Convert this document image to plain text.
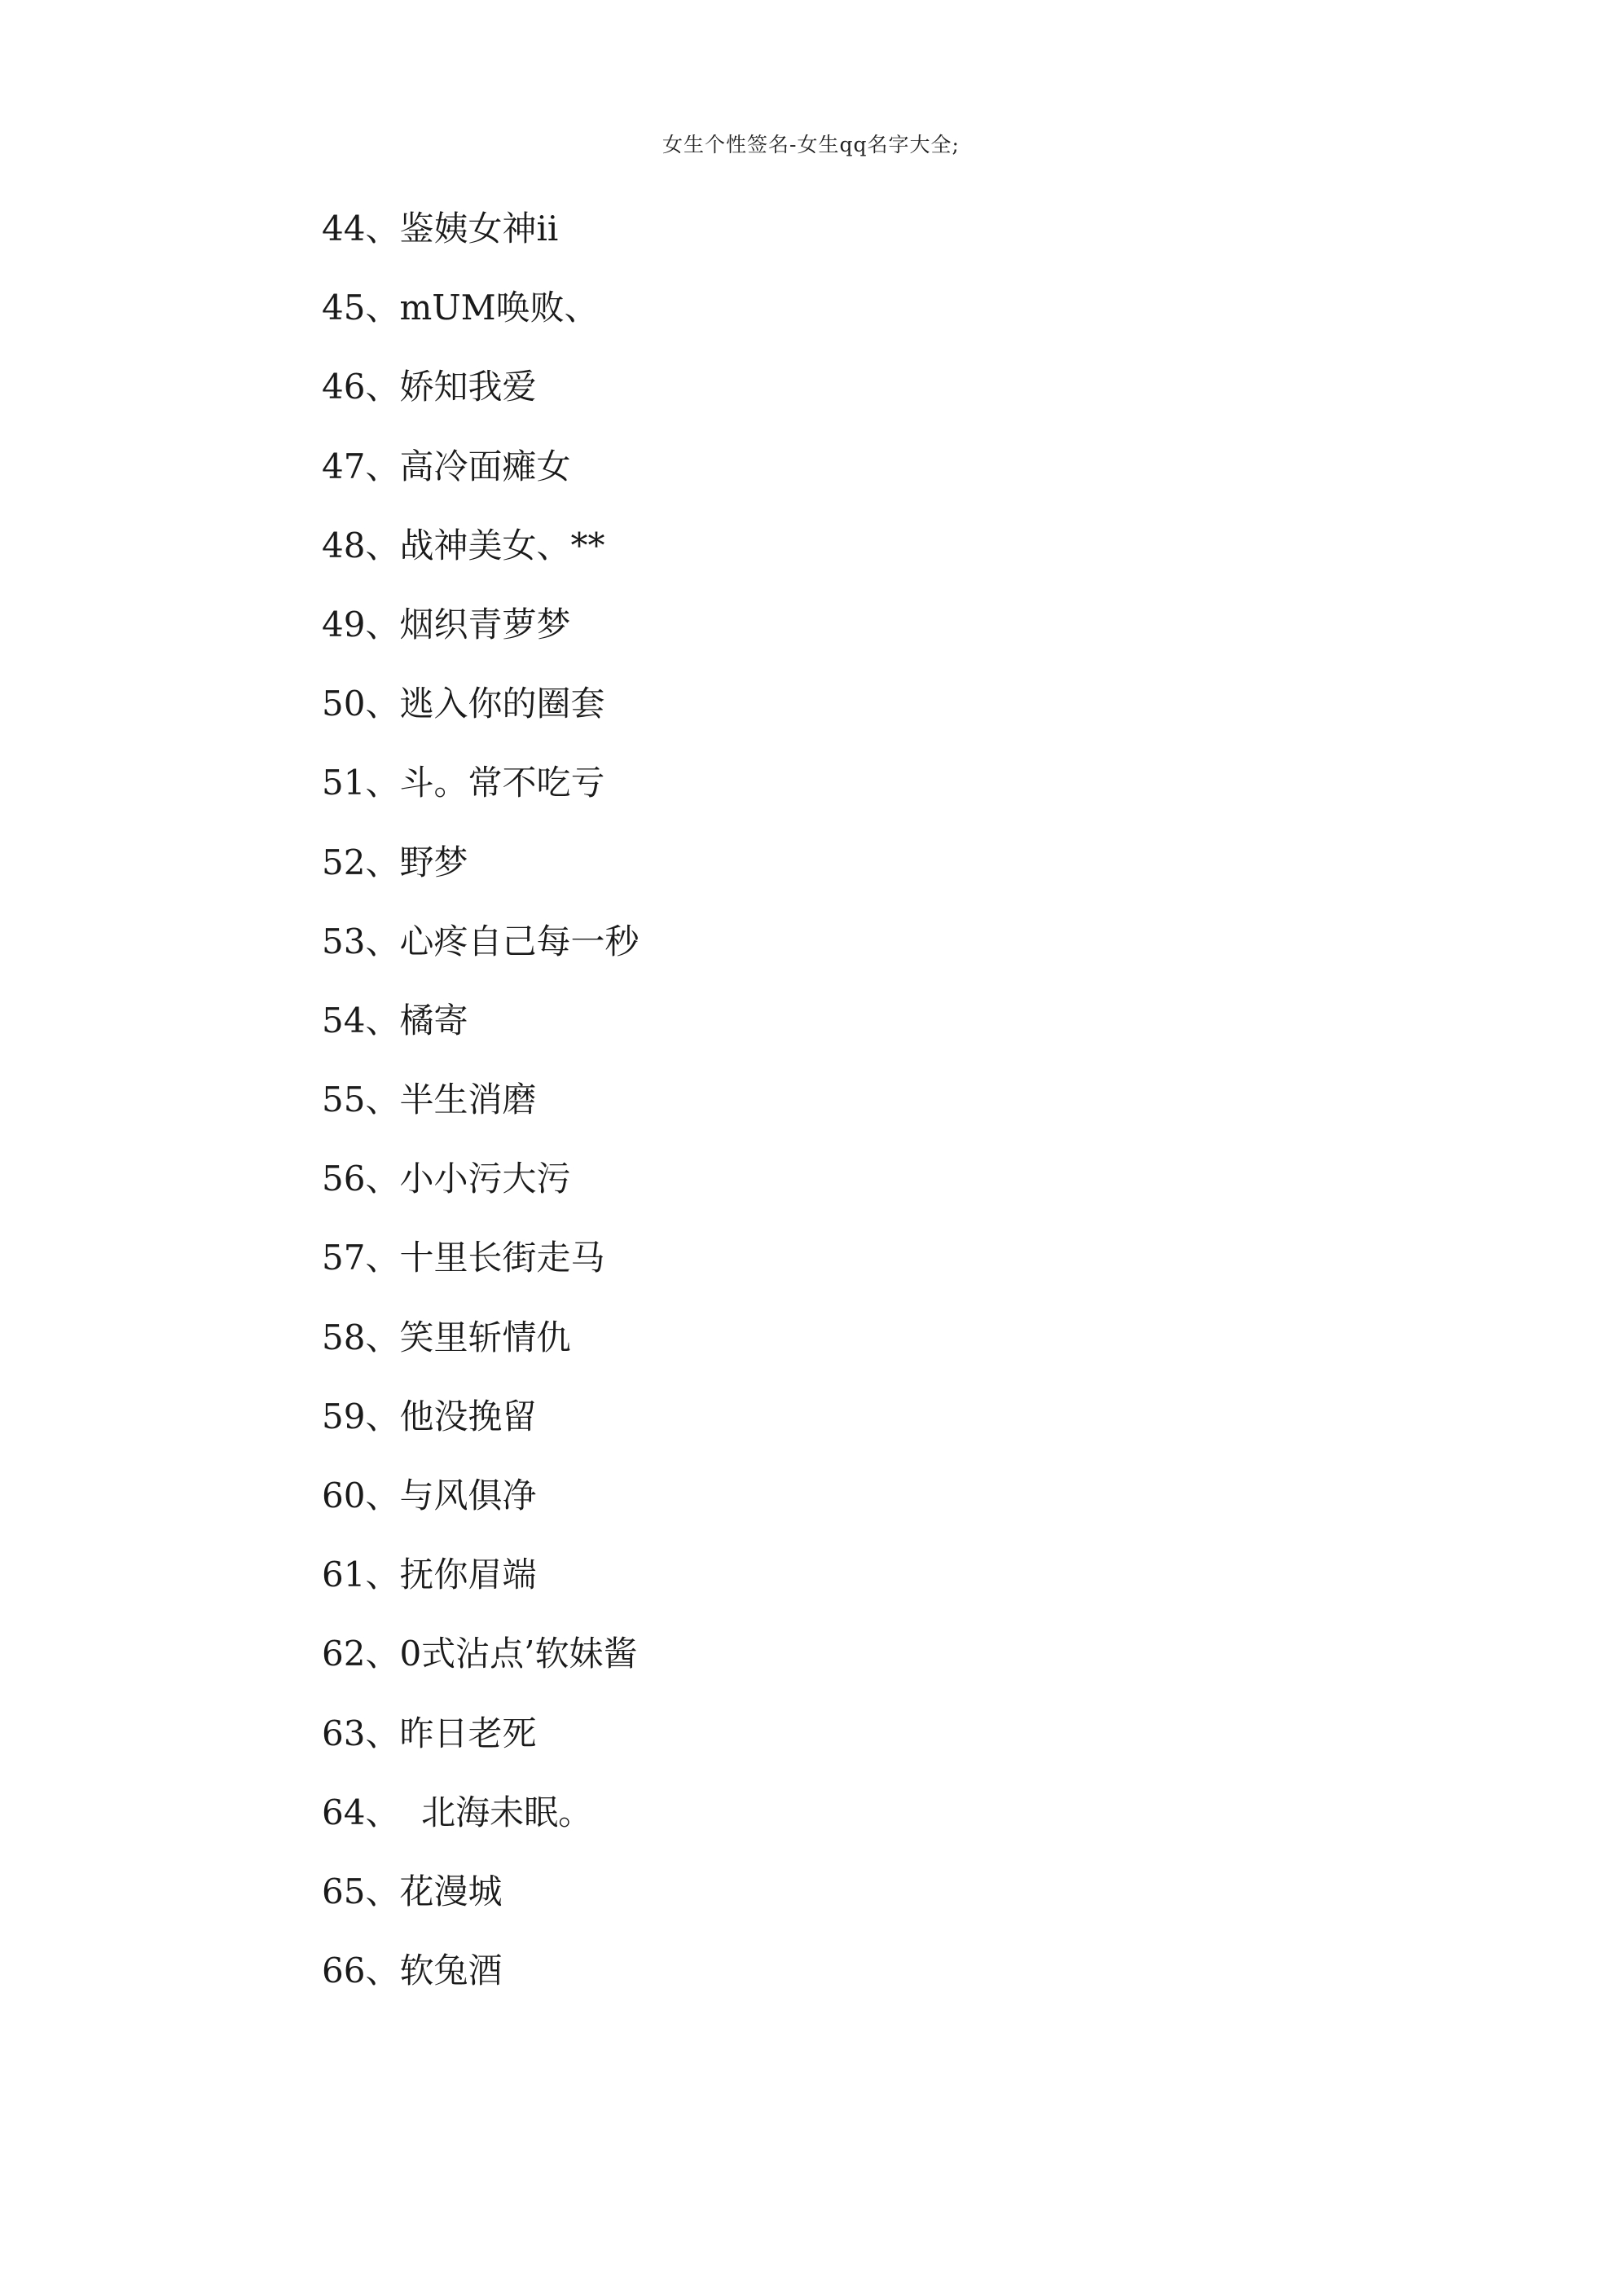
女生个性签名-女生qq名字大全;
44、鉴姨女神ii
45、mUM唤败、
46、娇知我爱
47、高冷面瘫女
48、战神美女、**
49、烟织青萝梦
50、逃入你的圈套
51、斗。常不吃亏
52、野梦
53、心疼自己每一秒
54、橘寄
55、半生消磨
56、小小污大污
57、十里长街走马
58、笑里斩情仇
59、他没挽留
60、与风俱净
61、抚你眉端
62、0式沾点’软妹酱
63、昨日老死
64、  北海未眠。
65、花漫城
66、软兔酒
